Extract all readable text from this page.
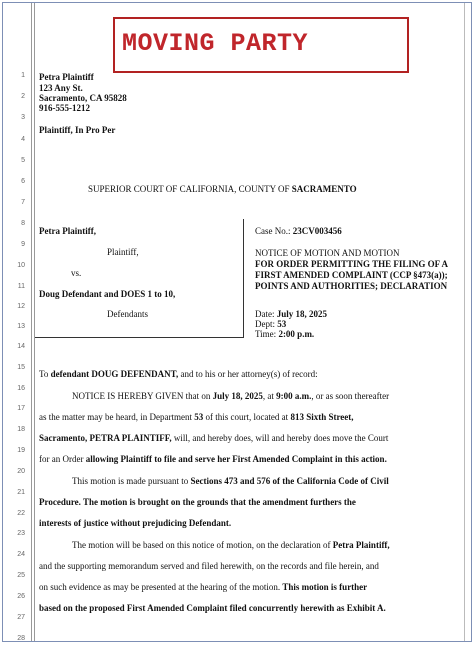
1
2
3
4
5
6
7
8
9
10
11
12
13
14
15
16
17
18
19
20
21
22
23
24
25
26
27
28
MOVING PARTY
Petra Plaintiff
123 Any St.
Sacramento, CA 95828
916-555-1212
Plaintiff, In Pro Per
SUPERIOR COURT OF CALIFORNIA, COUNTY OF SACRAMENTO
Petra Plaintiff,
Plaintiff,
vs.
Doug Defendant and DOES 1 to 10,
Defendants
Case No.: 23CV003456
NOTICE OF MOTION AND MOTION
FOR ORDER PERMITTING THE FILING OF A FIRST AMENDED COMPLAINT (CCP §473(a)); POINTS AND AUTHORITIES; DECLARATION
Date: July 18, 2025
Dept: 53
Time: 2:00 p.m.
To defendant DOUG DEFENDANT, and to his or her attorney(s) of record:
NOTICE IS HEREBY GIVEN that on July 18, 2025, at 9:00 a.m., or as soon thereafter
as the matter may be heard, in Department 53 of this court, located at 813 Sixth Street,
Sacramento, PETRA PLAINTIFF, will, and hereby does, will and hereby does move the Court
for an Order allowing Plaintiff to file and serve her First Amended Complaint in this action.
This motion is made pursuant to Sections 473 and 576 of the California Code of Civil
Procedure. The motion is brought on the grounds that the amendment furthers the
interests of justice without prejudicing Defendant.
The motion will be based on this notice of motion, on the declaration of Petra Plaintiff,
and the supporting memorandum served and filed herewith, on the records and file herein, and
on such evidence as may be presented at the hearing of the motion. This motion is further
based on the proposed First Amended Complaint filed concurrently herewith as Exhibit A.
